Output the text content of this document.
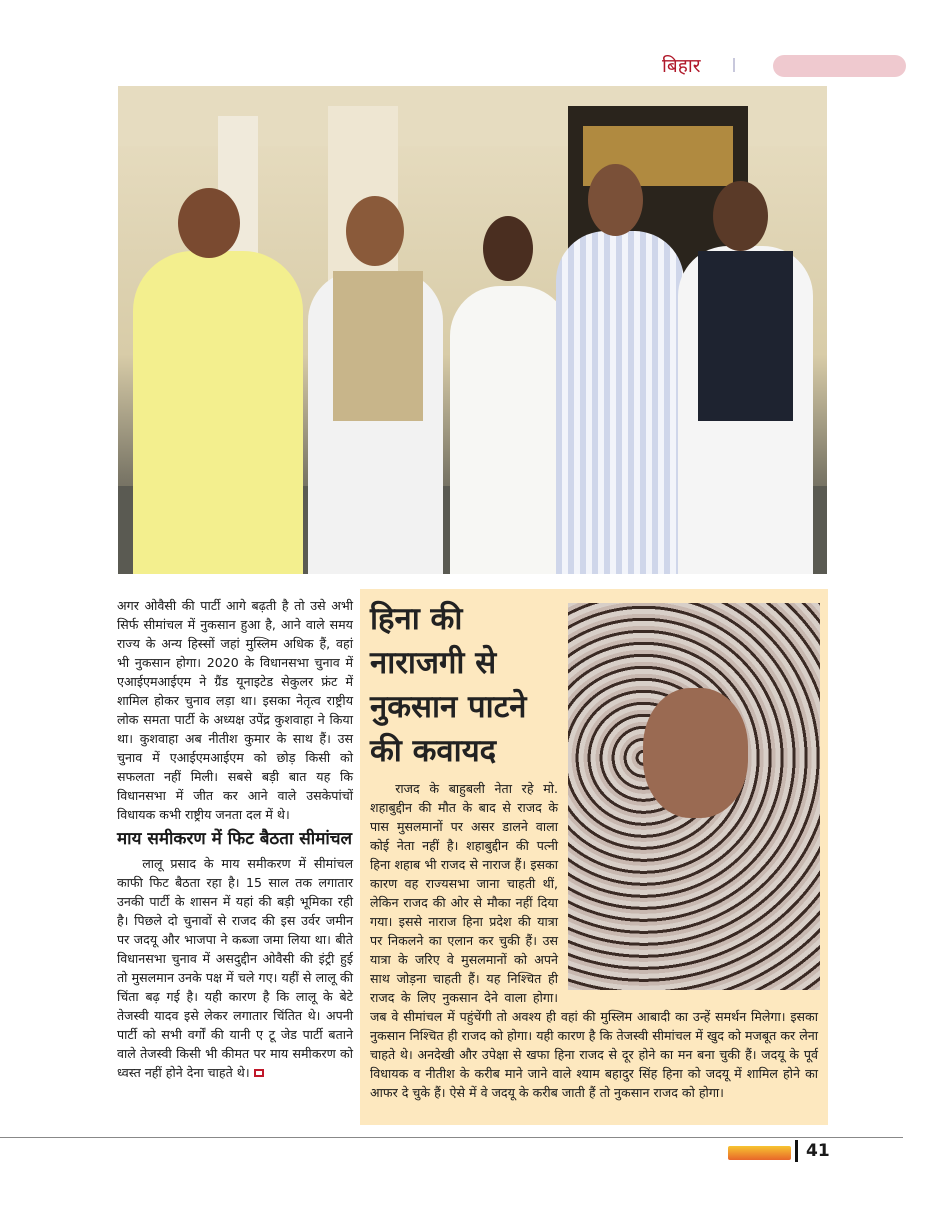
बिहार

अगर ओवैसी की पार्टी आगे बढ़ती है तो उसे अभी सिर्फ सीमांचल में नुकसान हुआ है, आने वाले समय राज्य के अन्य हिस्सों जहां मुस्लिम अधिक हैं, वहां भी नुकसान होगा। 2020 के विधानसभा चुनाव में एआईएमआईएम ने ग्रैंड यूनाइटेड सेकुलर फ्रंट में शामिल होकर चुनाव लड़ा था। इसका नेतृत्व राष्ट्रीय लोक समता पार्टी के अध्यक्ष उपेंद्र कुशवाहा ने किया था। कुशवाहा अब नीतीश कुमार के साथ हैं। उस चुनाव में एआईएमआईएम को छोड़ किसी को सफलता नहीं मिली। सबसे बड़ी बात यह कि विधानसभा में जीत कर आने वाले उसकेपांचों विधायक कभी राष्ट्रीय जनता दल में थे।

माय समीकरण में फिट बैठता सीमांचल

लालू प्रसाद के माय समीकरण में सीमांचल काफी फिट बैठता रहा है। 15 साल तक लगातार उनकी पार्टी के शासन में यहां की बड़ी भूमिका रही है। पिछले दो चुनावों से राजद की इस उर्वर जमीन पर जदयू और भाजपा ने कब्जा जमा लिया था। बीते विधानसभा चुनाव में असदुद्दीन ओवैसी की इंट्री हुई तो मुसलमान उनके पक्ष में चले गए। यहीं से लालू की चिंता बढ़ गई है। यही कारण है कि लालू के बेटे तेजस्वी यादव इसे लेकर लगातार चिंतित थे। अपनी पार्टी को सभी वर्गों की यानी ए टू जेड पार्टी बताने वाले तेजस्वी किसी भी कीमत पर माय समीकरण को ध्वस्त नहीं होने देना चाहते थे।

हिना की नाराजगी से नुकसान पाटने की कवायद

राजद के बाहुबली नेता रहे मो. शहाबुद्दीन की मौत के बाद से राजद के पास मुसलमानों पर असर डालने वाला कोई नेता नहीं है। शहाबुद्दीन की पत्नी हिना शहाब भी राजद से नाराज हैं। इसका कारण वह राज्यसभा जाना चाहती थीं, लेकिन राजद की ओर से मौका नहीं दिया गया। इससे नाराज हिना प्रदेश की यात्रा पर निकलने का एलान कर चुकी हैं। उस यात्रा के जरिए वे मुसलमानों को अपने साथ जोड़ना चाहती हैं। यह निश्चित ही राजद के लिए नुकसान देने वाला होगा। जब वे सीमांचल में पहुंचेंगी तो अवश्य ही वहां की मुस्लिम आबादी का उन्हें समर्थन मिलेगा। इसका नुकसान निश्चित ही राजद को होगा। यही कारण है कि तेजस्वी सीमांचल में खुद को मजबूत कर लेना चाहते थे। अनदेखी और उपेक्षा से खफा हिना राजद से दूर होने का मन बना चुकी हैं। जदयू के पूर्व विधायक व नीतीश के करीब माने जाने वाले श्याम बहादुर सिंह हिना को जदयू में शामिल होने का आफर दे चुके हैं। ऐसे में वे जदयू के करीब जाती हैं तो नुकसान राजद को होगा।

41
